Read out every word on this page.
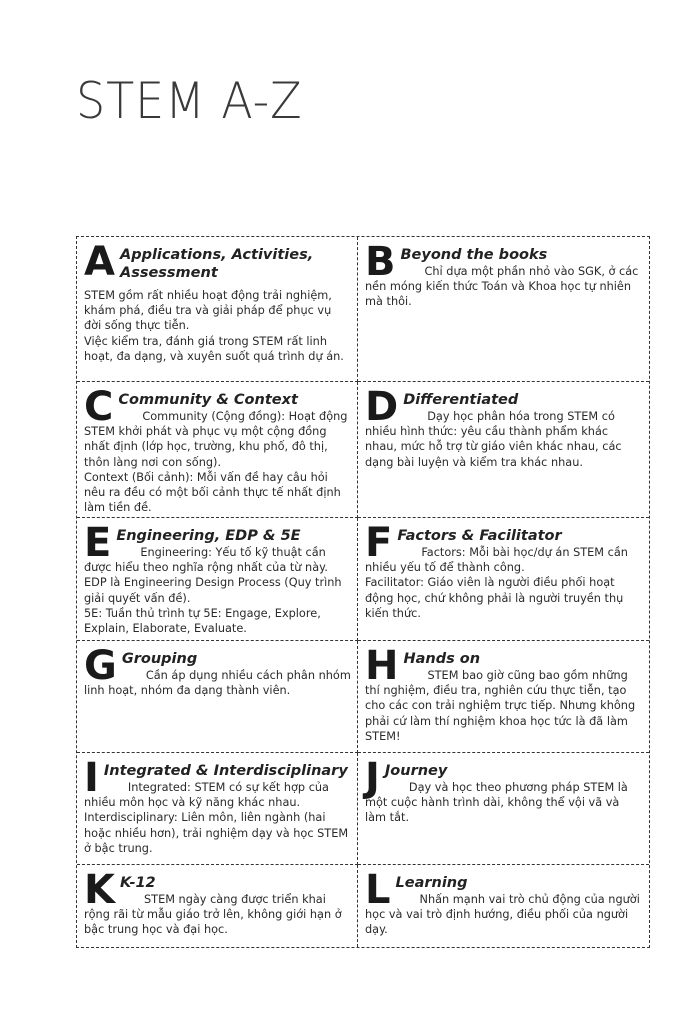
STEM A-Z
A Applications, Activities, Assessment

STEM gồm rất nhiều hoạt động trải nghiệm, khám phá, điều tra và giải pháp để phục vụ đời sống thực tiễn.

Việc kiểm tra, đánh giá trong STEM rất linh hoạt, đa dạng, và xuyên suốt quá trình dự án.

B Beyond the books

Chỉ dựa một phần nhỏ vào SGK, ở các nền móng kiến thức Toán và Khoa học tự nhiên mà thôi.

C Community & Context

Community (Cộng đồng): Hoạt động STEM khởi phát và phục vụ một cộng đồng nhất định (lớp học, trường, khu phố, đô thị, thôn làng nơi con sống).

Context (Bối cảnh): Mỗi vấn đề hay câu hỏi nêu ra đều có một bối cảnh thực tế nhất định làm tiền đề.

D Differentiated

Dạy học phân hóa trong STEM có nhiều hình thức: yêu cầu thành phẩm khác nhau, mức hỗ trợ từ giáo viên khác nhau, các dạng bài luyện và kiểm tra khác nhau.

E Engineering, EDP & 5E

Engineering: Yếu tố kỹ thuật cần được hiểu theo nghĩa rộng nhất của từ này.

EDP là Engineering Design Process (Quy trình giải quyết vấn đề).

5E: Tuần thủ trình tự 5E: Engage, Explore, Explain, Elaborate, Evaluate.

F Factors & Facilitator

Factors: Mỗi bài học/dự án STEM cần nhiều yếu tố để thành công.

Facilitator: Giáo viên là người điều phối hoạt động học, chứ không phải là người truyền thụ kiến thức.

G Grouping

Cần áp dụng nhiều cách phân nhóm linh hoạt, nhóm đa dạng thành viên.

H Hands on

STEM bao giờ cũng bao gồm những thí nghiệm, điều tra, nghiên cứu thực tiễn, tạo cho các con trải nghiệm trực tiếp. Nhưng không phải cứ làm thí nghiệm khoa học tức là đã làm STEM!

I Integrated & Interdisciplinary

Integrated: STEM có sự kết hợp của nhiều môn học và kỹ năng khác nhau.

Interdisciplinary: Liên môn, liên ngành (hai hoặc nhiều hơn), trải nghiệm dạy và học STEM ở bậc trung.

J Journey

Dạy và học theo phương pháp STEM là một cuộc hành trình dài, không thể vội vã và làm tắt.

K K-12

STEM ngày càng được triển khai rộng rãi từ mẫu giáo trở lên, không giới hạn ở bậc trung học và đại học.

L Learning

Nhấn mạnh vai trò chủ động của người học và vai trò định hướng, điều phối của người dạy.
